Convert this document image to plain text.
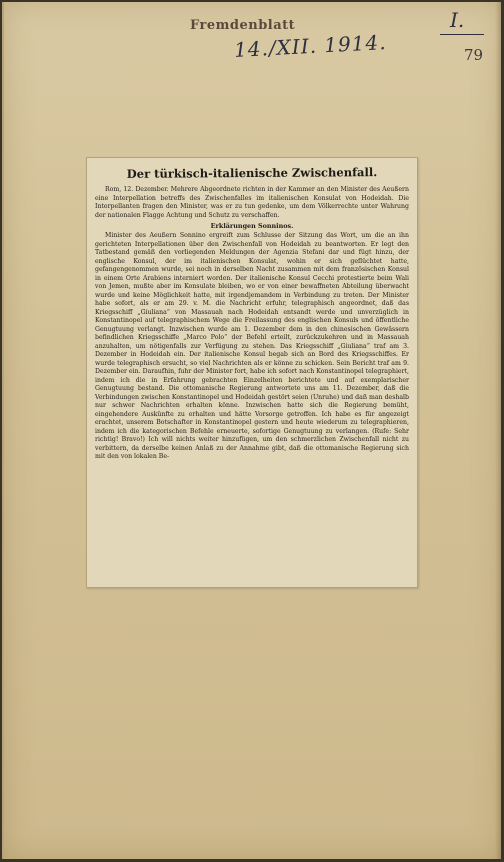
Fremdenblatt
14./XII. 1914.
I.
79
Der türkisch-italienische Zwischenfall.

Rom, 12. Dezember. Mehrere Abgeordnete richten in der Kammer an den Minister des Aeußern eine Interpellation betreffs des Zwischenfalles im italienischen Konsulat von Hodeidah. Die Interpellanten fragen den Minister, was er zu tun gedenke, um dem Völkerrechte unter Wahrung der nationalen Flagge Achtung und Schutz zu verschaffen.

Erklärungen Sonninos.

Minister des Aeußern Sonnino ergreift zum Schlusse der Sitzung das Wort, um die an ihn gerichteten Interpellationen über den Zwischenfall von Hodeidah zu beantworten. Er legt den Tatbestand gemäß den vorliegenden Meldungen der Agenzia Stefani dar und fügt hinzu, der englische Konsul, der im italienischen Konsulat, wohin er sich geflüchtet hatte, gefangengenommen wurde, sei noch in derselben Nacht zusammen mit dem französischen Konsul in einem Orte Arabiens interniert worden. Der italienische Konsul Cecchi protestierte beim Wali von Jemen, mußte aber im Konsulate bleiben, wo er von einer bewaffneten Abteilung überwacht wurde und keine Möglichkeit hatte, mit irgendjemandem in Verbindung zu treten. Der Minister habe sofort, als er am 29. v. M. die Nachricht erfuhr, telegraphisch angeordnet, daß das Kriegsschiff „Giuliana“ von Massauah nach Hodeidah entsandt werde und unverzüglich in Konstantinopel auf telegraphischem Wege die Freilassung des englischen Konsuls und öffentliche Genugtuung verlangt. Inzwischen wurde am 1. Dezember dem in den chinesischen Gewässern befindlichen Kriegsschiffe „Marco Polo“ der Befehl erteilt, zurückzukehren und in Massauah anzuhalten, um nötigenfalls zur Verfügung zu stehen. Das Kriegsschiff „Giuliana“ traf am 3. Dezember in Hodeidah ein. Der italienische Konsul begab sich an Bord des Kriegsschiffes. Er wurde telegraphisch ersucht, so viel Nachrichten als er könne zu schicken. Sein Bericht traf am 9. Dezember ein. Daraufhin, fuhr der Minister fort, habe ich sofort nach Konstantinopel telegraphiert, indem ich die in Erfahrung gebrachten Einzelheiten berichtete und auf exemplarischer Genugtuung bestand. Die ottomanische Regierung antwortete uns am 11. Dezember, daß die Verbindungen zwischen Konstantinopel und Hodeidah gestört seien (Unruhe) und daß man deshalb nur schwer Nachrichten erhalten könne. Inzwischen hatte sich die Regierung bemüht, eingehendere Auskünfte zu erhalten und hätte Vorsorge getroffen. Ich habe es für angezeigt erachtet, unserem Botschafter in Konstantinopel gestern und heute wiederum zu telegraphieren, indem ich die kategorischen Befehle erneuerte, sofortige Genugtuung zu verlangen. (Rufe: Sehr richtig! Bravo!) Ich will nichts weiter hinzufügen, um den schmerzlichen Zwischenfall nicht zu verbittern, da derselbe keinen Anlaß zu der Annahme gibt, daß die ottomanische Regierung sich mit den von lokalen Be-
